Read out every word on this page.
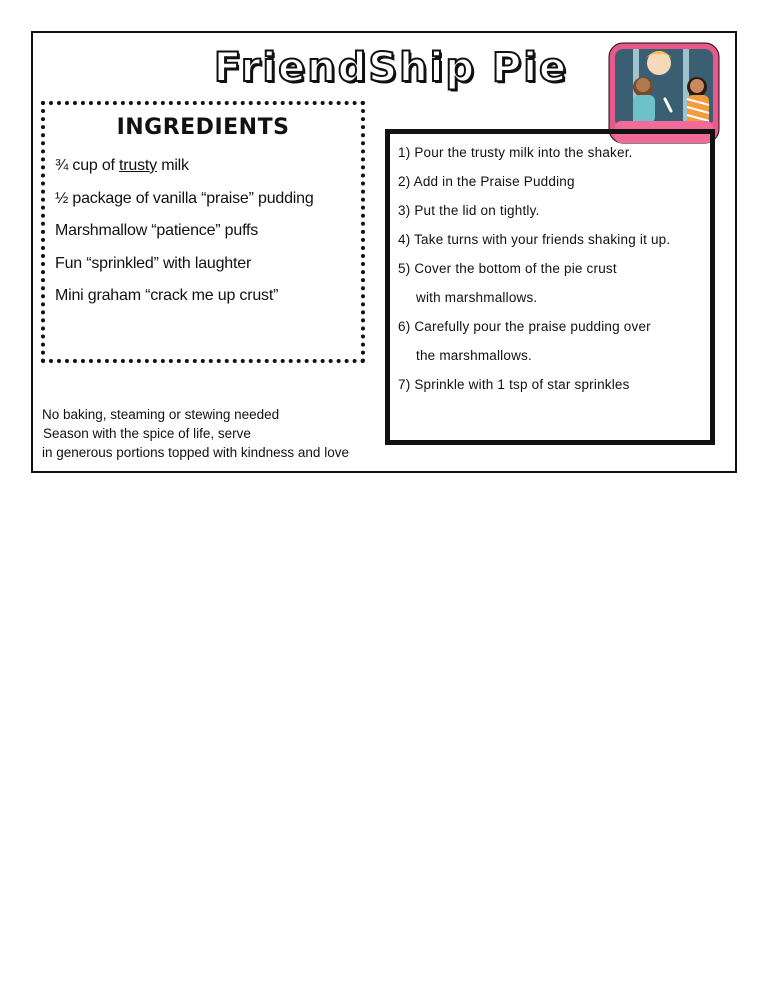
FriendShip Pie
INGREDIENTS
¾ cup of trusty milk
½ package of vanilla “praise” pudding
Marshmallow “patience” puffs
Fun “sprinkled” with laughter
Mini graham “crack me up crust”
1) Pour the trusty milk into the shaker.
2) Add in the Praise Pudding
3) Put the lid on tightly.
4) Take turns with your friends shaking it up.
5) Cover the bottom of the pie crust
with marshmallows.
6) Carefully pour the praise pudding over
the marshmallows.
7) Sprinkle with 1 tsp of star sprinkles
No baking, steaming or stewing needed
Season with the spice of life, serve
in generous portions topped with kindness and love
